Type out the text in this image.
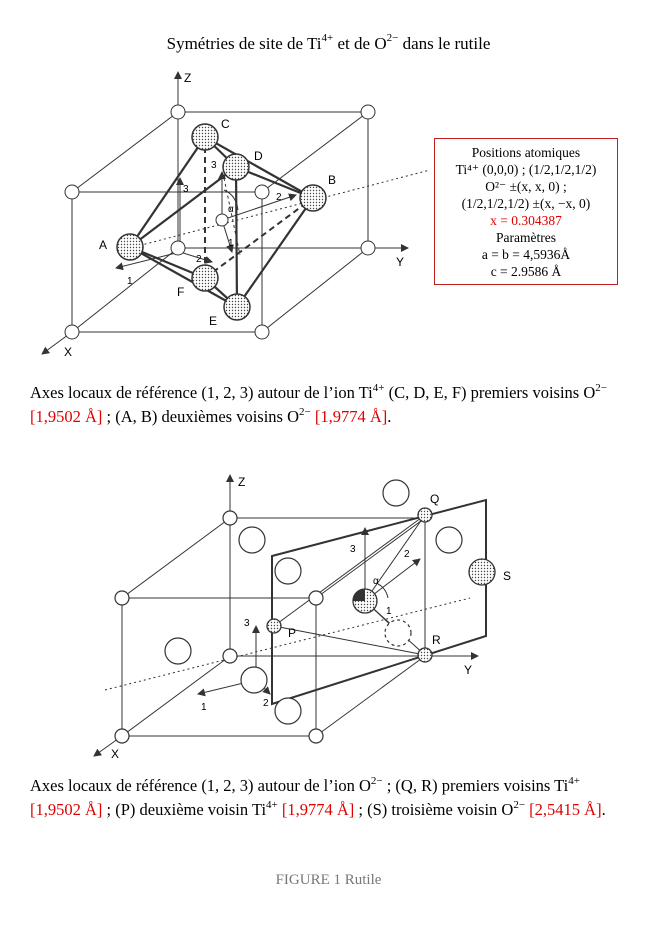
Symétries de site de $Ti^{4+}$ et de $O^{2-}$ dans le rutile
Z
Y
X
C
D
B
A
F
E
3
2
1
α
3
1
2
Z
Y
X
Q
S
P	R
3	2
1
α
3
1	2
Positions atomiques
Ti⁴⁺ (0,0,0) ; (1/2,1/2,1/2)
O²⁻ ±(x, x, 0) ;
(1/2,1/2,1/2) ±(x, −x, 0)
x = 0.304387
Paramètres
a = b = 4,5936Å
c = 2.9586 Å
Axes locaux de référence (1, 2, 3) autour de l’ion $Ti^{4+}$ (C, D, E, F) premiers voisins $O^{2-}$ [1,9502 Å] ; (A, B) deuxièmes voisins $O^{2-}$ [1,9774 Å].
Axes locaux de référence (1, 2, 3) autour de l’ion $O^{2-}$ ; (Q, R) premiers voisins $Ti^{4+}$ [1,9502 Å] ; (P) deuxième voisin $Ti^{4+}$ [1,9774 Å] ; (S) troisième voisin $O^{2-}$ [2,5415 Å].
FIGURE 1 Rutile
